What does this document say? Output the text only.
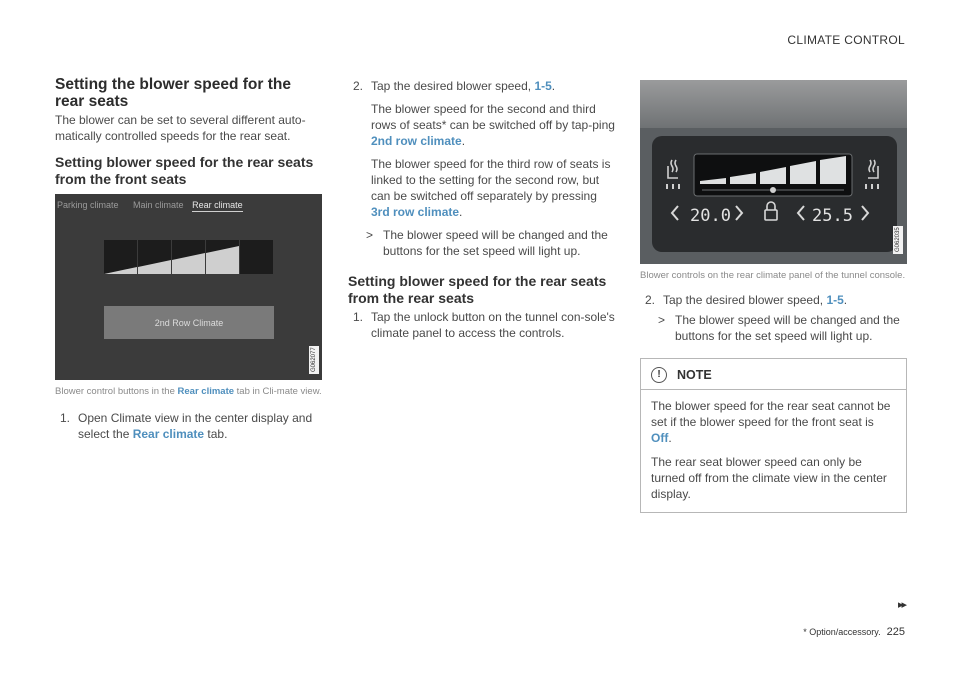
CLIMATE CONTROL
Setting the blower speed for the rear seats

The blower can be set to several different auto-matically controlled speeds for the rear seat.

Setting blower speed for the rear seats from the front seats
Parking climate Main climate Rear climate
2nd Row Climate
G062077
Blower control buttons in the Rear climate tab in Cli-mate view.
1. Open Climate view in the center display and select the Rear climate tab.
2. Tap the desired blower speed, 1-5.

The blower speed for the second and third rows of seats* can be switched off by tap-ping 2nd row climate.

The blower speed for the third row of seats is linked to the setting for the second row, but can be switched off separately by pressing 3rd row climate.

> The blower speed will be changed and the buttons for the set speed will light up.
Setting blower speed for the rear seats from the rear seats
1. Tap the unlock button on the tunnel con-sole's climate panel to access the controls.
20.0	25.5
G062035
Blower controls on the rear climate panel of the tunnel console.
2. Tap the desired blower speed, 1-5.
> The blower speed will be changed and the buttons for the set speed will light up.
!	NOTE

The blower speed for the rear seat cannot be set if the blower speed for the front seat is Off.

The rear seat blower speed can only be turned off from the climate view in the center display.

▸▸
* Option/accessory. 225
